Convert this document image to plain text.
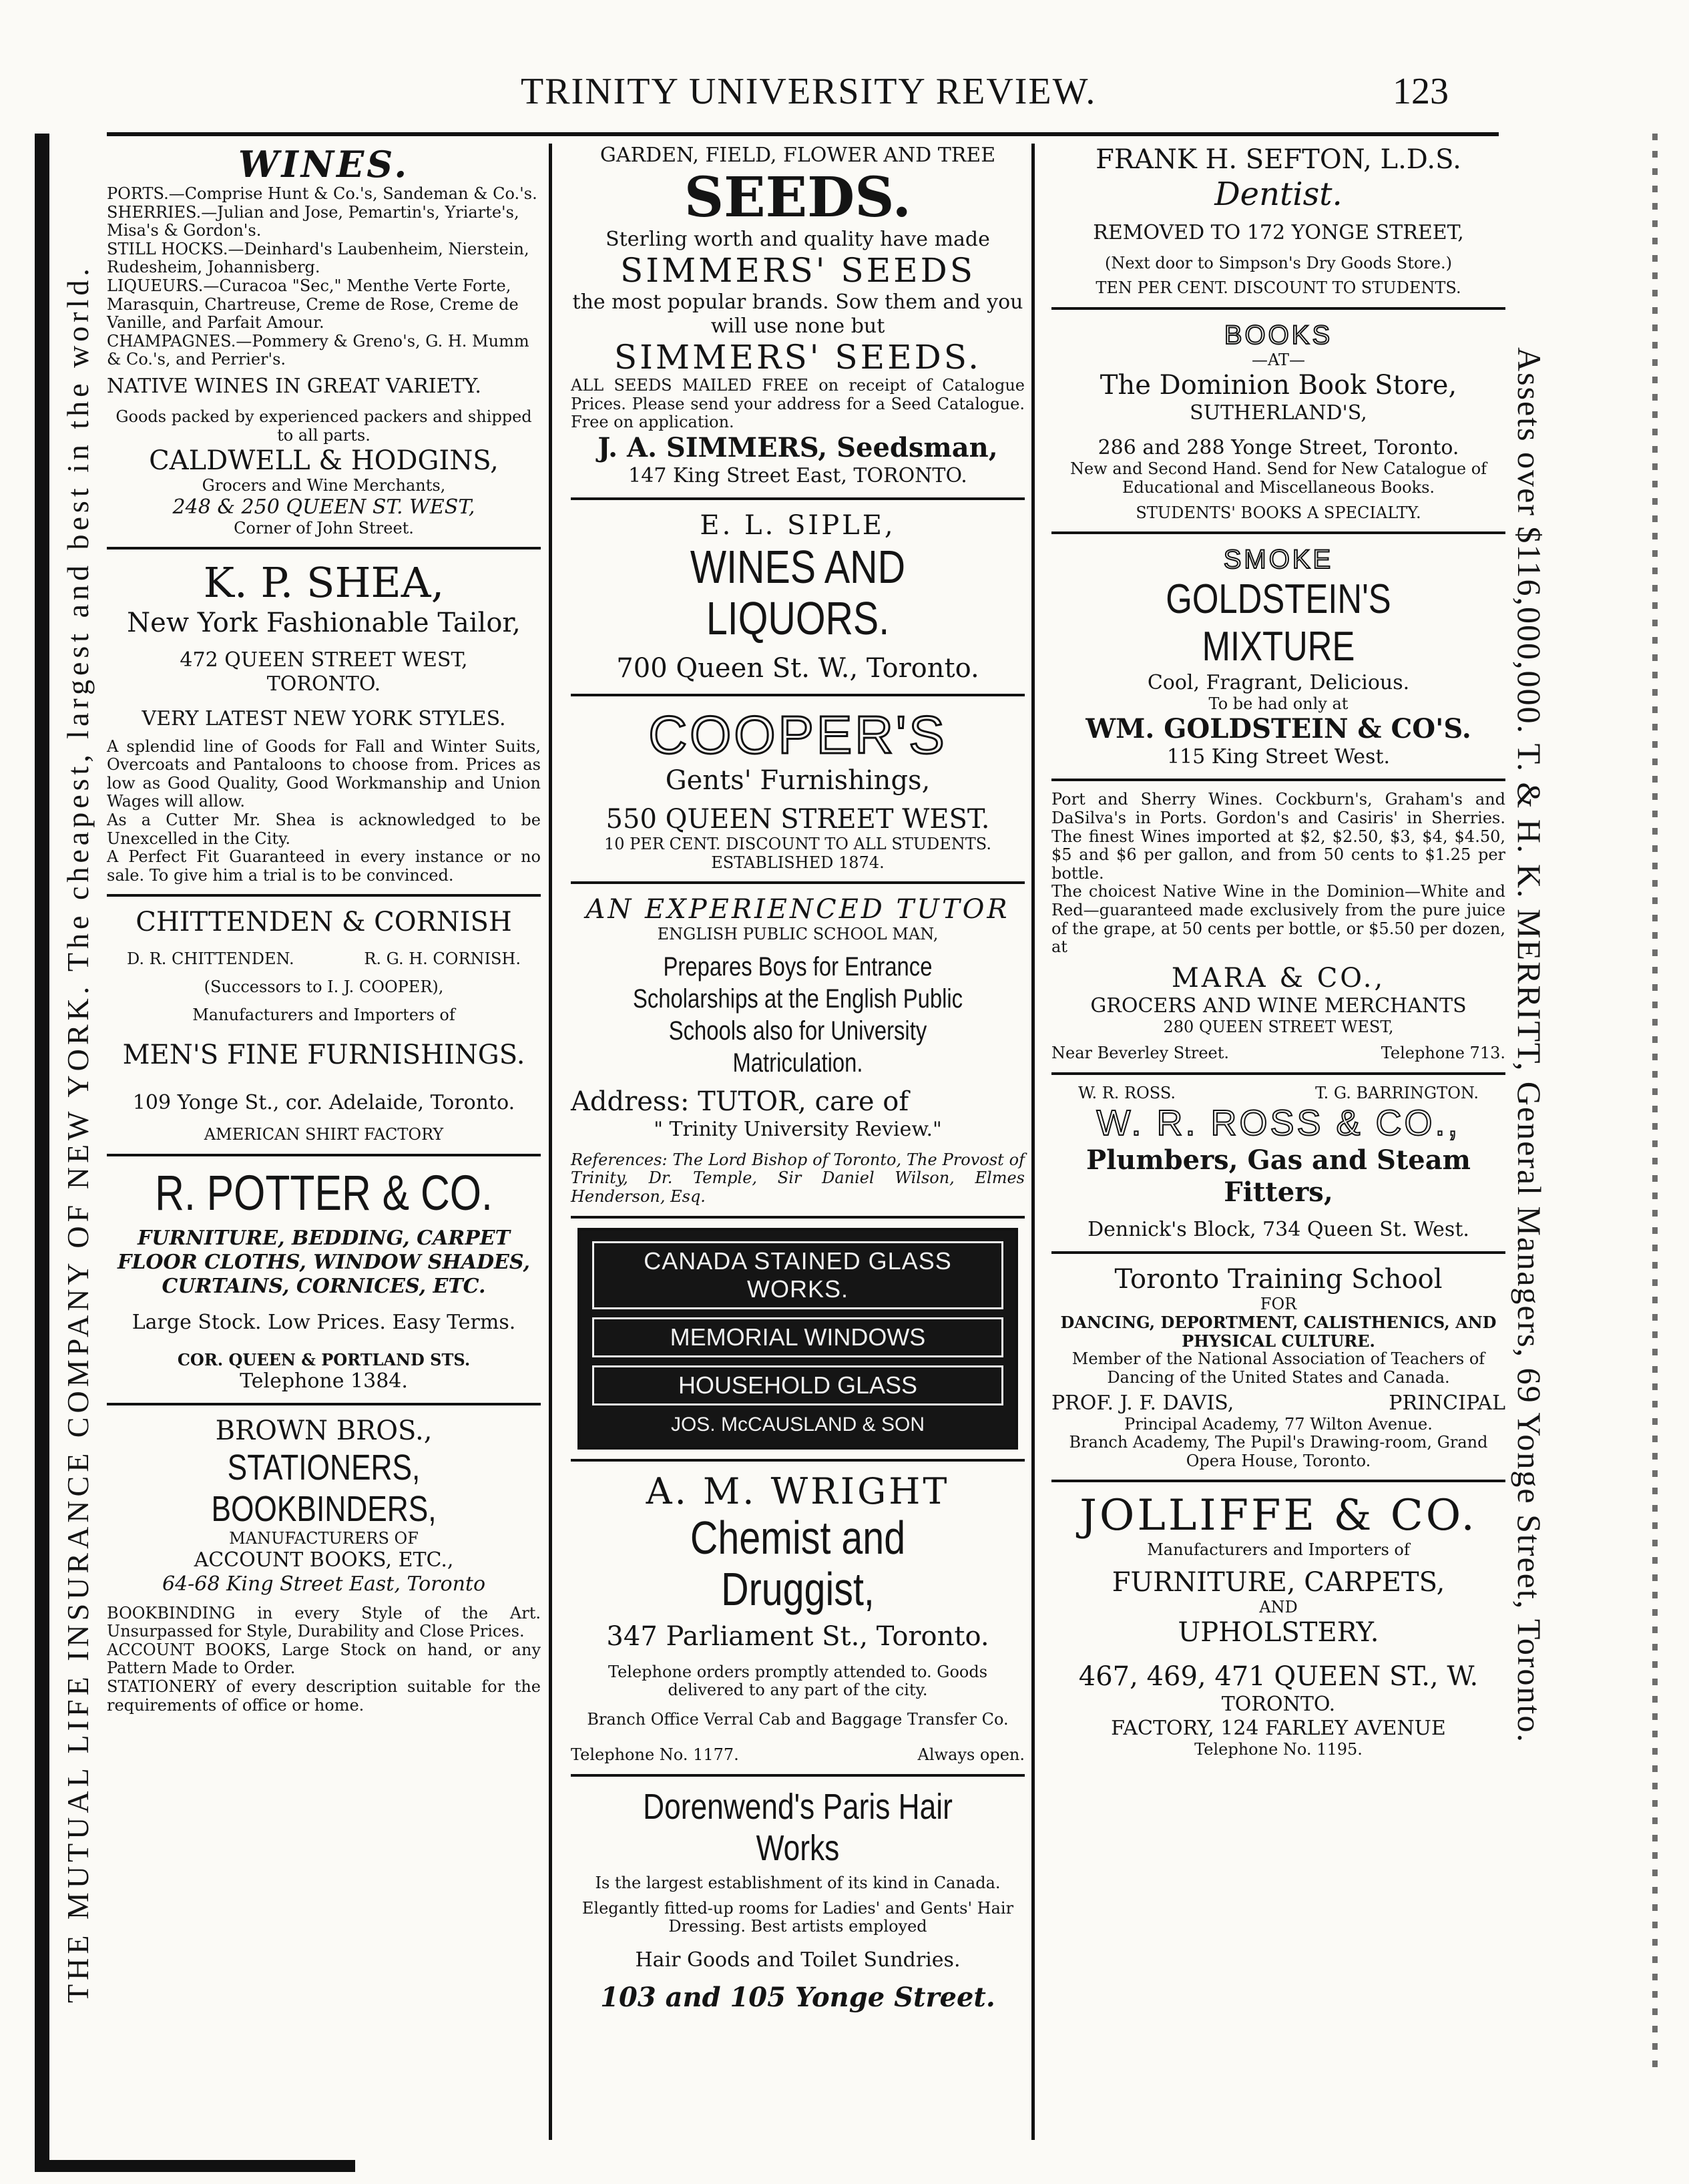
TRINITY UNIVERSITY REVIEW.	123
THE MUTUAL LIFE INSURANCE COMPANY OF NEW YORK. The cheapest, largest and best in the world.	Assets over $116,000,000. T. & H. K. MERRITT, General Managers, 69 Yonge Street, Toronto.
WINES.
PORTS.—Comprise Hunt & Co.'s, Sandeman & Co.'s.
SHERRIES.—Julian and Jose, Pemartin's, Yriarte's, Misa's & Gordon's.
STILL HOCKS.—Deinhard's Laubenheim, Nierstein, Rudesheim, Johannisberg.
LIQUEURS.—Curacoa "Sec," Menthe Verte Forte, Marasquin, Chartreuse, Creme de Rose, Creme de Vanille, and Parfait Amour.
CHAMPAGNES.—Pommery & Greno's, G. H. Mumm & Co.'s, and Perrier's.
NATIVE WINES IN GREAT VARIETY.
Goods packed by experienced packers and shipped to all parts.
CALDWELL & HODGINS,
Grocers and Wine Merchants,
248 & 250 QUEEN ST. WEST,
Corner of John Street.
K. P. SHEA,
New York Fashionable Tailor,
472 QUEEN STREET WEST,
TORONTO.
VERY LATEST NEW YORK STYLES.
A splendid line of Goods for Fall and Winter Suits, Overcoats and Pantaloons to choose from. Prices as low as Good Quality, Good Workmanship and Union Wages will allow.
As a Cutter Mr. Shea is acknowledged to be Unexcelled in the City.
A Perfect Fit Guaranteed in every instance or no sale. To give him a trial is to be convinced.
CHITTENDEN & CORNISH
D. R. CHITTENDEN.	R. G. H. CORNISH.
(Successors to I. J. COOPER),
Manufacturers and Importers of
MEN'S FINE FURNISHINGS.
109 Yonge St., cor. Adelaide, Toronto.
AMERICAN SHIRT FACTORY
R. POTTER & CO.
FURNITURE, BEDDING, CARPET FLOOR CLOTHS, WINDOW SHADES, CURTAINS, CORNICES, ETC.
Large Stock. Low Prices. Easy Terms.
COR. QUEEN & PORTLAND STS.
Telephone 1384.
BROWN BROS.,
STATIONERS, BOOKBINDERS,
MANUFACTURERS OF
ACCOUNT BOOKS, ETC.,
64-68 King Street East, Toronto
BOOKBINDING in every Style of the Art. Unsurpassed for Style, Durability and Close Prices.
ACCOUNT BOOKS, Large Stock on hand, or any Pattern Made to Order.
STATIONERY of every description suitable for the requirements of office or home.
GARDEN, FIELD, FLOWER AND TREE
SEEDS.
Sterling worth and quality have made
SIMMERS' SEEDS
the most popular brands. Sow them and you will use none but
SIMMERS' SEEDS.
ALL SEEDS MAILED FREE on receipt of Catalogue Prices. Please send your address for a Seed Catalogue. Free on application.
J. A. SIMMERS, Seedsman,
147 King Street East, TORONTO.
E. L. SIPLE,
WINES AND LIQUORS.
700 Queen St. W., Toronto.
COOPER'S
Gents' Furnishings,
550 QUEEN STREET WEST.
10 PER CENT. DISCOUNT TO ALL STUDENTS.
ESTABLISHED 1874.
AN EXPERIENCED TUTOR
ENGLISH PUBLIC SCHOOL MAN,
Prepares Boys for Entrance Scholarships at the English Public Schools also for University Matriculation.
Address: TUTOR, care of
" Trinity University Review."
References: The Lord Bishop of Toronto, The Provost of Trinity, Dr. Temple, Sir Daniel Wilson, Elmes Henderson, Esq.
CANADA STAINED GLASS WORKS.
MEMORIAL WINDOWS
HOUSEHOLD GLASS
JOS. McCAUSLAND & SON
A. M. WRIGHT
Chemist and Druggist,
347 Parliament St., Toronto.
Telephone orders promptly attended to. Goods delivered to any part of the city.
Branch Office Verral Cab and Baggage Transfer Co.
Telephone No. 1177.	Always open.
Dorenwend's Paris Hair Works
Is the largest establishment of its kind in Canada.
Elegantly fitted-up rooms for Ladies' and Gents' Hair Dressing. Best artists employed
Hair Goods and Toilet Sundries.
103 and 105 Yonge Street.
FRANK H. SEFTON, L.D.S.
Dentist.
REMOVED TO 172 YONGE STREET,
(Next door to Simpson's Dry Goods Store.)
TEN PER CENT. DISCOUNT TO STUDENTS.
BOOKS
—AT—
The Dominion Book Store,
SUTHERLAND'S,
286 and 288 Yonge Street, Toronto.
New and Second Hand. Send for New Catalogue of Educational and Miscellaneous Books.
STUDENTS' BOOKS A SPECIALTY.
SMOKE
GOLDSTEIN'S MIXTURE
Cool, Fragrant, Delicious.
To be had only at
WM. GOLDSTEIN & CO'S.
115 King Street West.
Port and Sherry Wines. Cockburn's, Graham's and DaSilva's in Ports. Gordon's and Casiris' in Sherries. The finest Wines imported at $2, $2.50, $3, $4, $4.50, $5 and $6 per gallon, and from 50 cents to $1.25 per bottle.
The choicest Native Wine in the Dominion—White and Red—guaranteed made exclusively from the pure juice of the grape, at 50 cents per bottle, or $5.50 per dozen, at
MARA & CO.,
GROCERS AND WINE MERCHANTS
280 QUEEN STREET WEST,
Near Beverley Street.	Telephone 713.
W. R. ROSS.	T. G. BARRINGTON.
W. R. ROSS & CO.,
Plumbers, Gas and Steam Fitters,
Dennick's Block, 734 Queen St. West.
Toronto Training School
FOR
DANCING, DEPORTMENT, CALISTHENICS, AND PHYSICAL CULTURE.
Member of the National Association of Teachers of Dancing of the United States and Canada.
PROF. J. F. DAVIS,	PRINCIPAL
Principal Academy, 77 Wilton Avenue.
Branch Academy, The Pupil's Drawing-room, Grand Opera House, Toronto.
JOLLIFFE & CO.
Manufacturers and Importers of
FURNITURE, CARPETS,
AND
UPHOLSTERY.
467, 469, 471 QUEEN ST., W.
TORONTO.
FACTORY, 124 FARLEY AVENUE
Telephone No. 1195.
